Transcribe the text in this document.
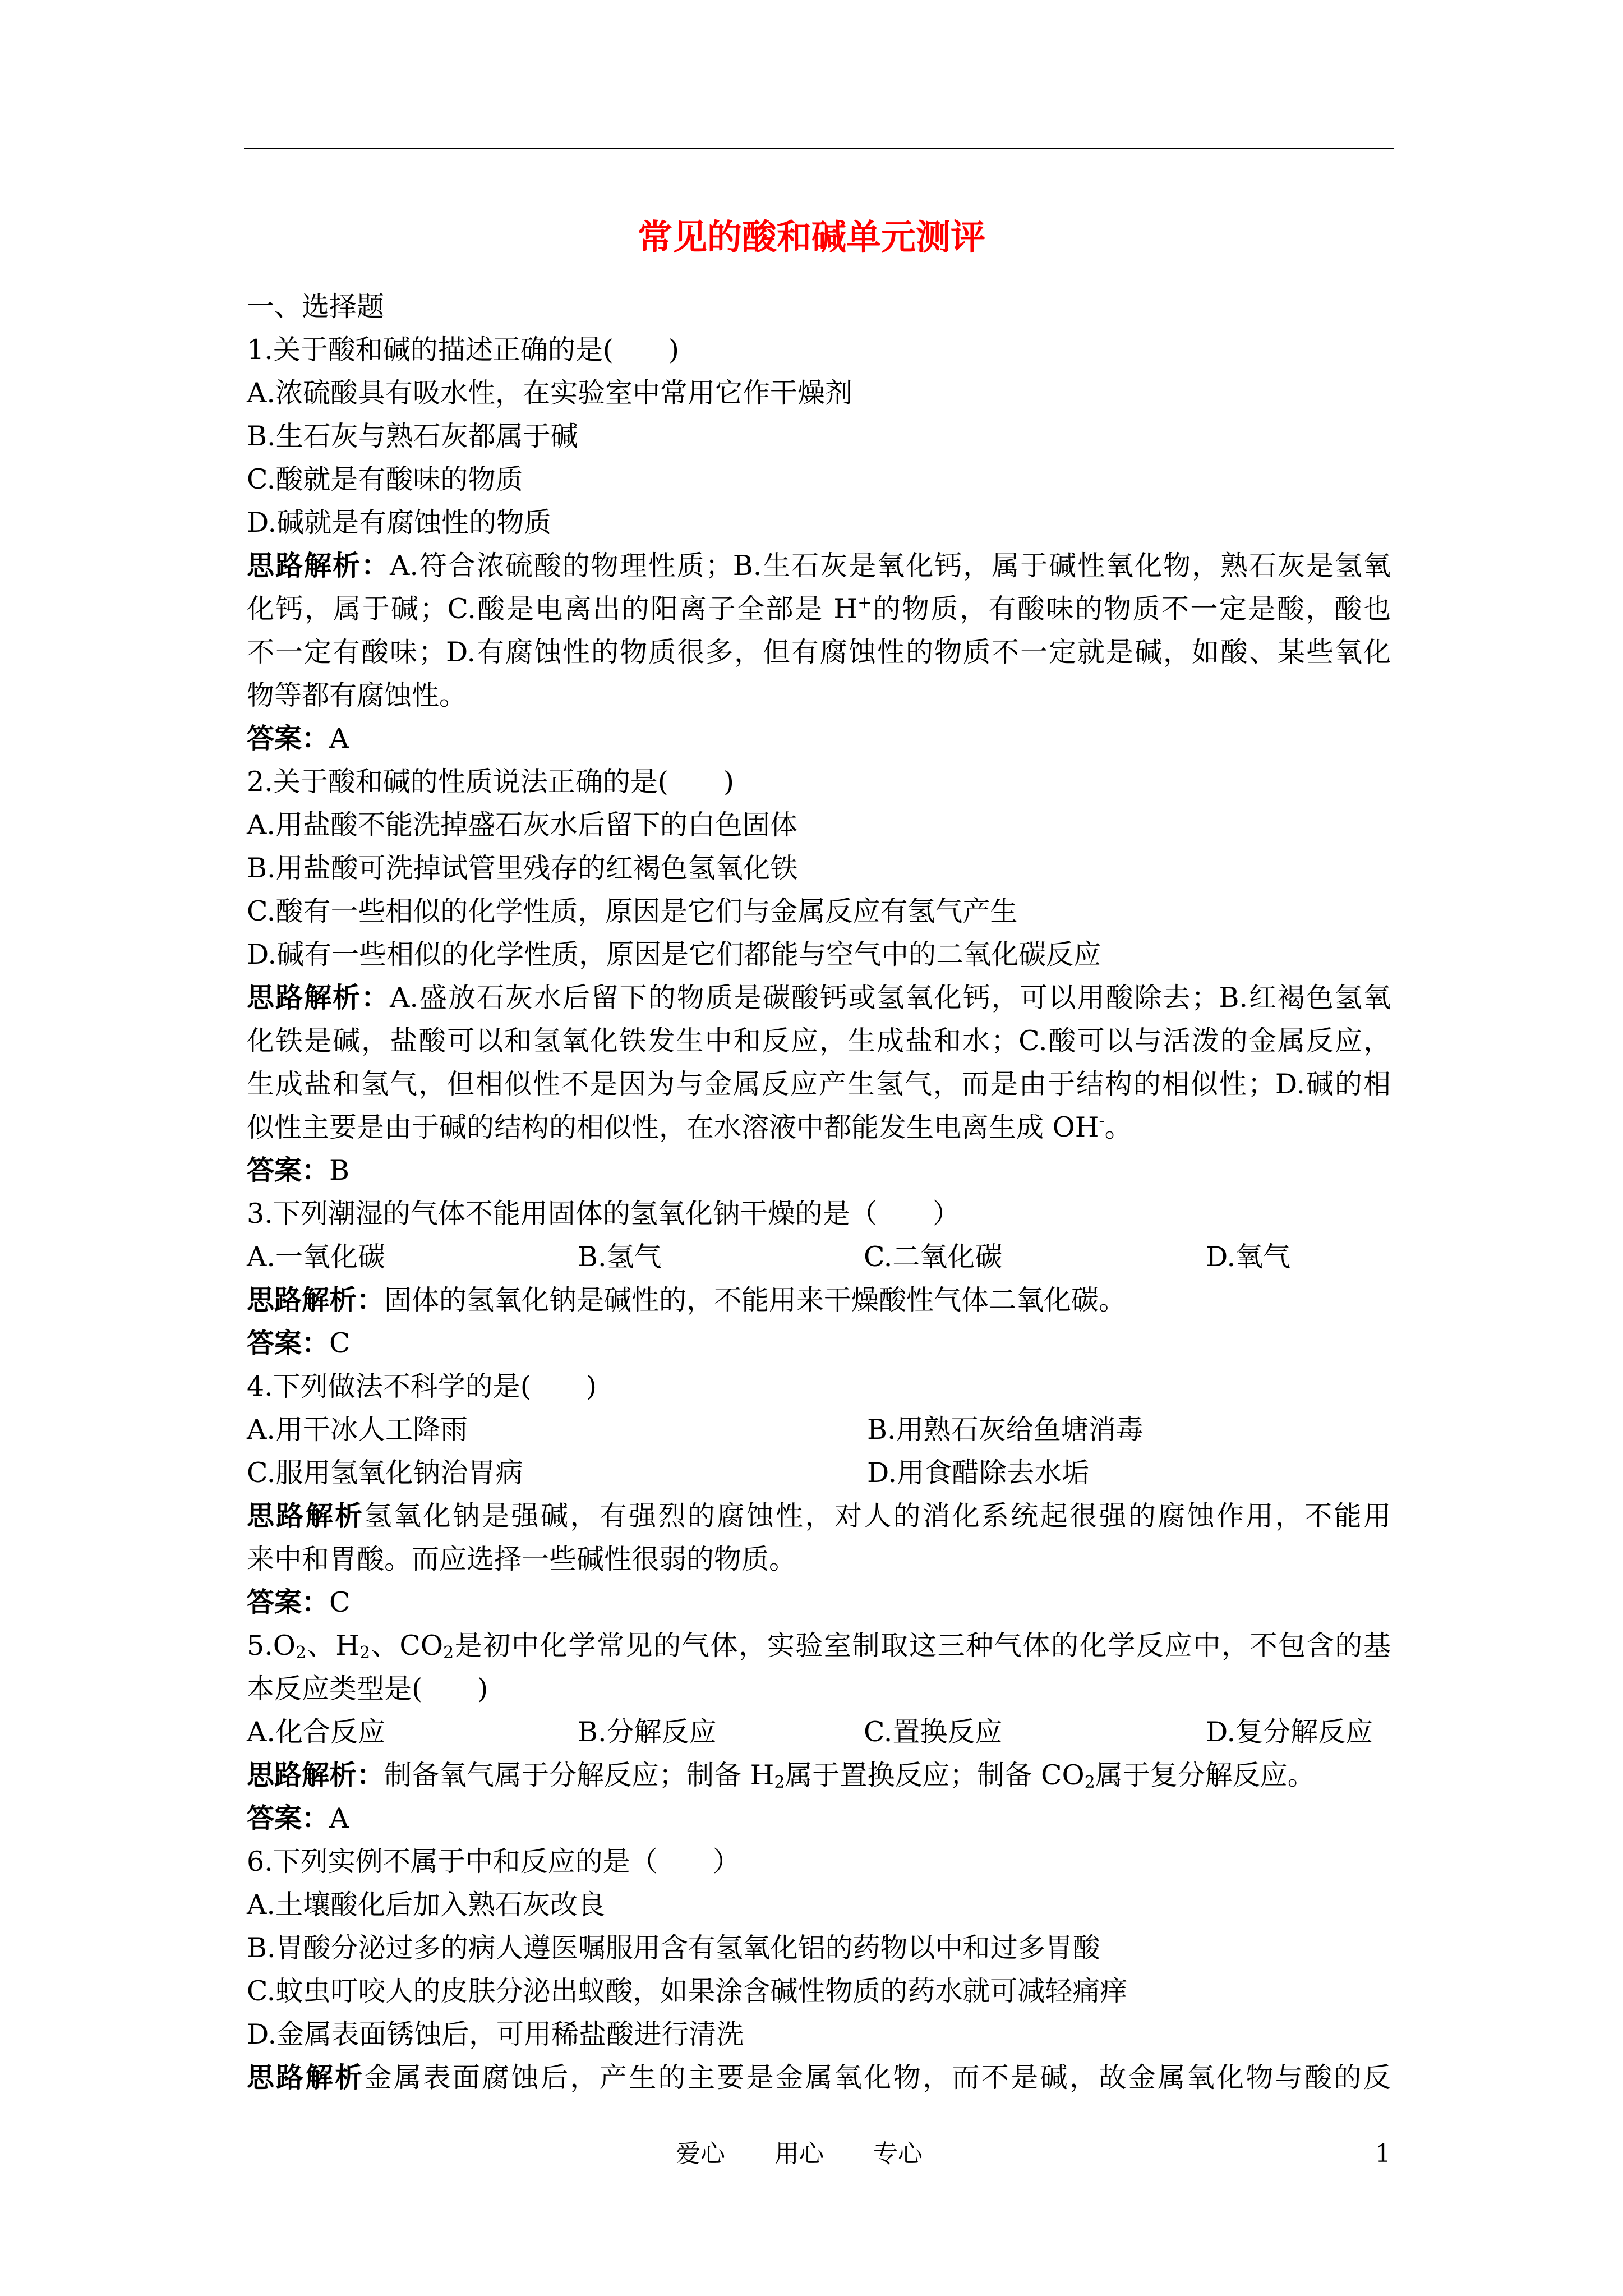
常见的酸和碱单元测评
一、选择题
1.关于酸和碱的描述正确的是(　　)
A.浓硫酸具有吸水性，在实验室中常用它作干燥剂
B.生石灰与熟石灰都属于碱
C.酸就是有酸味的物质
D.碱就是有腐蚀性的物质
思路解析：A.符合浓硫酸的物理性质；B.生石灰是氧化钙，属于碱性氧化物，熟石灰是氢氧
化钙，属于碱；C.酸是电离出的阳离子全部是 H+的物质，有酸味的物质不一定是酸，酸也
不一定有酸味；D.有腐蚀性的物质很多，但有腐蚀性的物质不一定就是碱，如酸、某些氧化
物等都有腐蚀性。
答案：A
2.关于酸和碱的性质说法正确的是(　　)
A.用盐酸不能洗掉盛石灰水后留下的白色固体
B.用盐酸可洗掉试管里残存的红褐色氢氧化铁
C.酸有一些相似的化学性质，原因是它们与金属反应有氢气产生
D.碱有一些相似的化学性质，原因是它们都能与空气中的二氧化碳反应
思路解析：A.盛放石灰水后留下的物质是碳酸钙或氢氧化钙，可以用酸除去；B.红褐色氢氧
化铁是碱，盐酸可以和氢氧化铁发生中和反应，生成盐和水；C.酸可以与活泼的金属反应，
生成盐和氢气，但相似性不是因为与金属反应产生氢气，而是由于结构的相似性；D.碱的相
似性主要是由于碱的结构的相似性，在水溶液中都能发生电离生成 OH-。
答案：B
3.下列潮湿的气体不能用固体的氢氧化钠干燥的是（　　）
A.一氧化碳	B.氢气	C.二氧化碳	D.氧气
思路解析：固体的氢氧化钠是碱性的，不能用来干燥酸性气体二氧化碳。
答案：C
4.下列做法不科学的是(　　)
A.用干冰人工降雨	B.用熟石灰给鱼塘消毒
C.服用氢氧化钠治胃病	D.用食醋除去水垢
思路解析氢氧化钠是强碱，有强烈的腐蚀性，对人的消化系统起很强的腐蚀作用，不能用
来中和胃酸。而应选择一些碱性很弱的物质。
答案：C
$5.O_2$、$H_2$、$CO_2$是初中化学常见的气体，实验室制取这三种气体的化学反应中，不包含的基
本反应类型是(　　)
A.化合反应	B.分解反应	C.置换反应	D.复分解反应
思路解析：制备氧气属于分解反应；制备 $H_2$属于置换反应；制备 $CO_2$属于复分解反应。
答案：A
6.下列实例不属于中和反应的是（　　）
A.土壤酸化后加入熟石灰改良
B.胃酸分泌过多的病人遵医嘱服用含有氢氧化铝的药物以中和过多胃酸
C.蚊虫叮咬人的皮肤分泌出蚁酸，如果涂含碱性物质的药水就可减轻痛痒
D.金属表面锈蚀后，可用稀盐酸进行清洗
思路解析金属表面腐蚀后，产生的主要是金属氧化物，而不是碱，故金属氧化物与酸的反
爱心　　用心　　专心	1
